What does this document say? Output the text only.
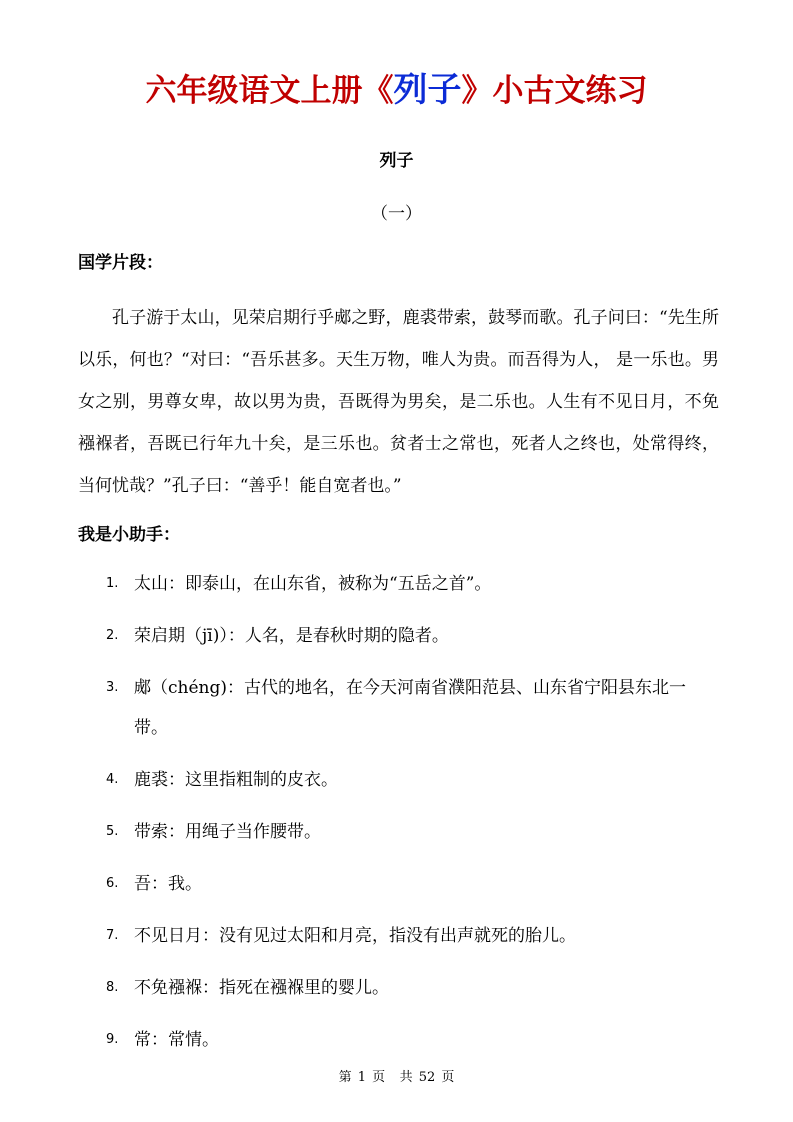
六年级语文上册《列子》小古文练习
列子
（一）
国学片段：
孔子游于太山，见荣启期行乎郕之野，鹿裘带索，鼓琴而歌。孔子问曰：“先生所以乐，何也？“对曰：“吾乐甚多。天生万物，唯人为贵。而吾得为人， 是一乐也。男女之别，男尊女卑，故以男为贵，吾既得为男矣，是二乐也。人生有不见日月，不免襁褓者，吾既已行年九十矣，是三乐也。贫者士之常也，死者人之终也，处常得终，当何忧哉？”孔子曰：“善乎！能自宽者也。”
我是小助手：
1. 太山：即泰山，在山东省，被称为“五岳之首”。
2. 荣启期（jī)）：人名，是春秋时期的隐者。
3. 郕（chéng)：古代的地名，在今天河南省濮阳范县、山东省宁阳县东北一带。
4. 鹿裘：这里指粗制的皮衣。
5. 带索：用绳子当作腰带。
6. 吾：我。
7. 不见日月：没有见过太阳和月亮，指没有出声就死的胎儿。
8. 不免襁褓：指死在襁褓里的婴儿。
9. 常：常情。
第 1 页 共 52 页
